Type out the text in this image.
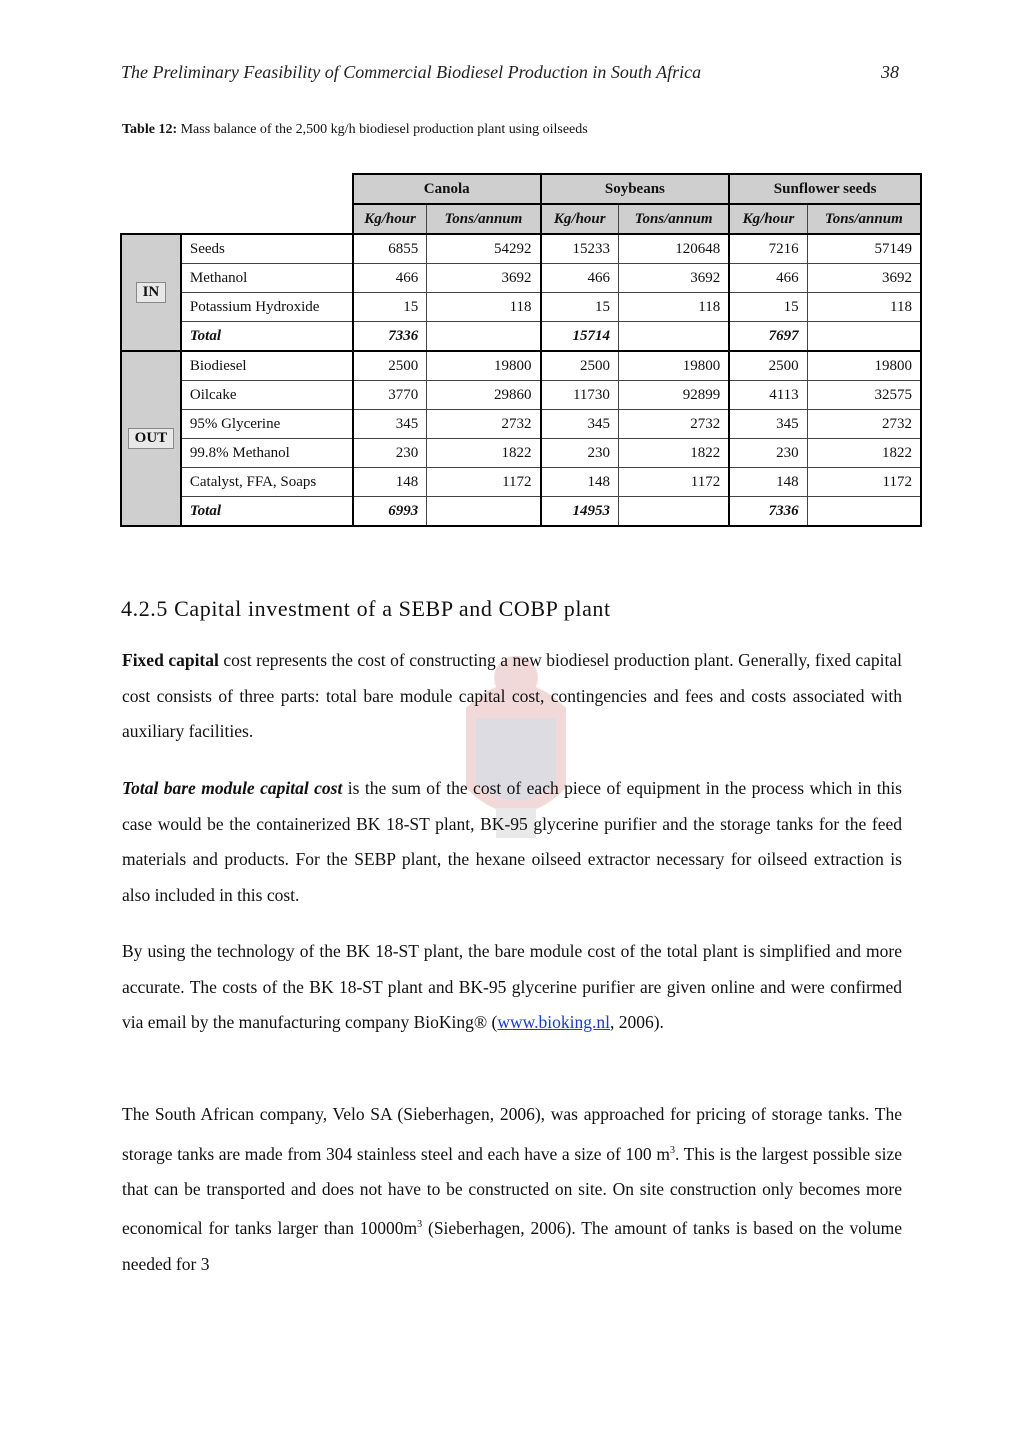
The Preliminary Feasibility of Commercial Biodiesel Production in South Africa	38
Table 12: Mass balance of the 2,500 kg/h biodiesel production plant using oilseeds
		Canola		Soybeans		Sunflower seeds	
		Kg/hour	Tons/annum	Kg/hour	Tons/annum	Kg/hour	Tons/annum
IN	Seeds	6855	54292	15233	120648	7216	57149
	Methanol	466	3692	466	3692	466	3692
	Potassium Hydroxide	15	118	15	118	15	118
	Total	7336		15714		7697	
OUT	Biodiesel	2500	19800	2500	19800	2500	19800
	Oilcake	3770	29860	11730	92899	4113	32575
	95% Glycerine	345	2732	345	2732	345	2732
	99.8% Methanol	230	1822	230	1822	230	1822
	Catalyst, FFA, Soaps	148	1172	148	1172	148	1172
	Total	6993		14953		7336	
4.2.5 Capital investment of a SEBP and COBP plant
Fixed capital cost represents the cost of constructing a new biodiesel production plant. Generally, fixed capital cost consists of three parts: total bare module capital cost, contingencies and fees and costs associated with auxiliary facilities.
Total bare module capital cost is the sum of the cost of each piece of equipment in the process which in this case would be the containerized BK 18-ST plant, BK-95 glycerine purifier and the storage tanks for the feed materials and products. For the SEBP plant, the hexane oilseed extractor necessary for oilseed extraction is also included in this cost.
By using the technology of the BK 18-ST plant, the bare module cost of the total plant is simplified and more accurate. The costs of the BK 18-ST plant and BK-95 glycerine purifier are given online and were confirmed via email by the manufacturing company BioKing® (www.bioking.nl, 2006).
The South African company, Velo SA (Sieberhagen, 2006), was approached for pricing of storage tanks. The storage tanks are made from 304 stainless steel and each have a size of 100 $m^3$. This is the largest possible size that can be transported and does not have to be constructed on site. On site construction only becomes more economical for tanks larger than $10000m^3$ (Sieberhagen, 2006). The amount of tanks is based on the volume needed for 3
